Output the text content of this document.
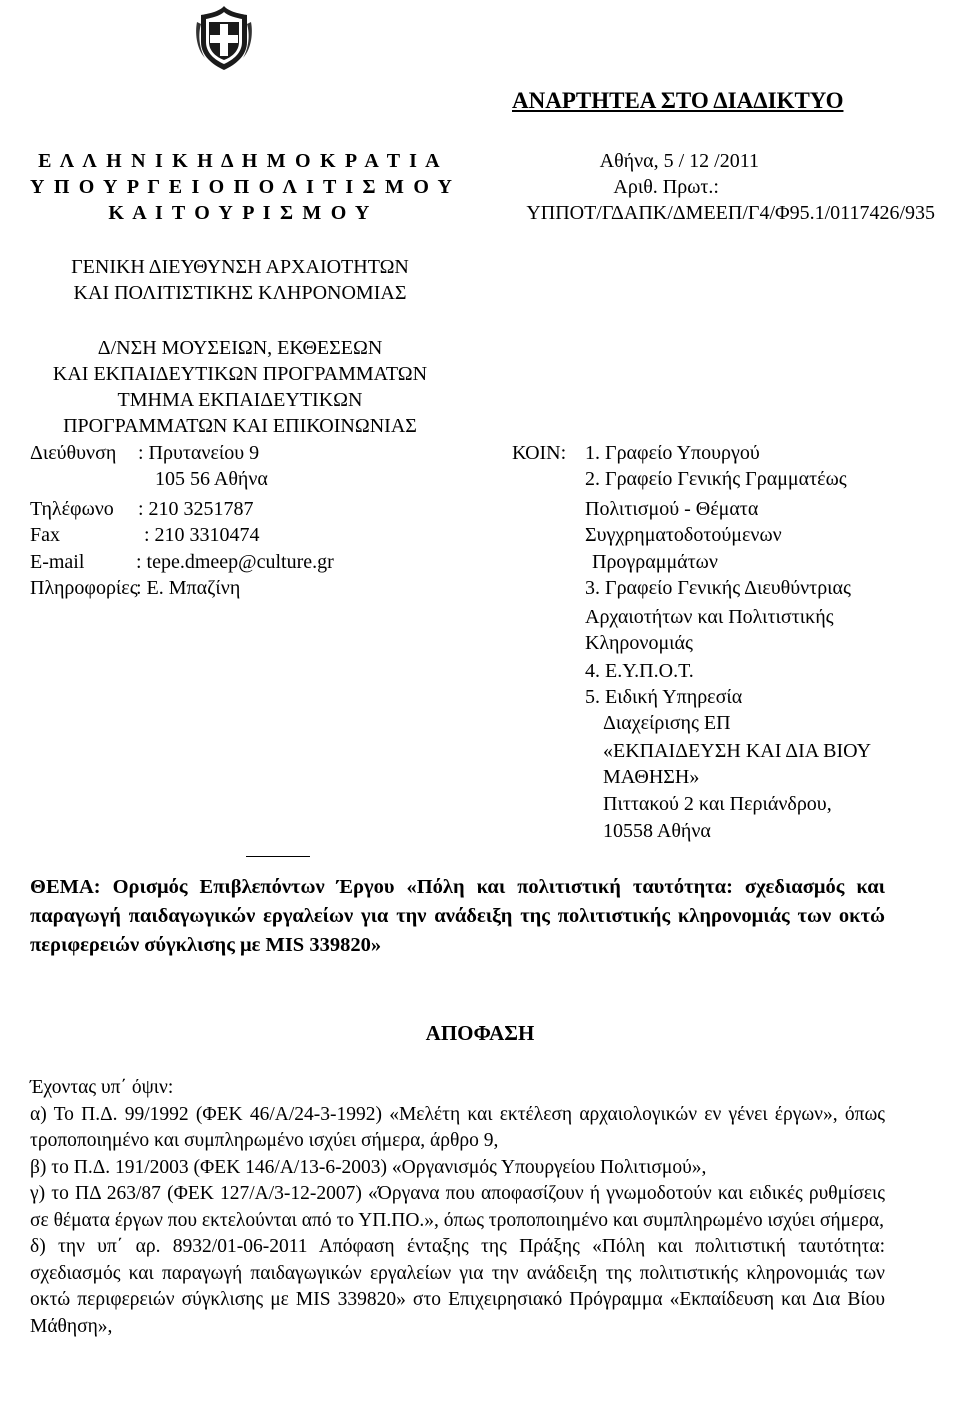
ΑΝΑΡΤΗΤΕΑ ΣΤΟ ΔΙΑΔΙΚΤΥΟ
Ε Λ Λ Η Ν Ι Κ Η Δ Η Μ Ο Κ Ρ Α Τ Ι Α
Υ Π Ο Υ Ρ Γ Ε Ι Ο Π Ο Λ Ι Τ Ι Σ Μ Ο Υ
Κ Α Ι Τ Ο Υ Ρ Ι Σ Μ Ο Υ
Αθήνα, 5 / 12 /2011
Αριθ. Πρωτ.:
ΥΠΠΟΤ/ΓΔΑΠΚ/ΔΜΕΕΠ/Γ4/Φ95.1/0117426/935
ΓΕΝΙΚΗ ΔΙΕΥΘΥΝΣΗ ΑΡΧΑΙΟΤΗΤΩΝ
ΚΑΙ ΠΟΛΙΤΙΣΤΙΚΗΣ ΚΛΗΡΟΝΟΜΙΑΣ
Δ/ΝΣΗ ΜΟΥΣΕΙΩΝ, ΕΚΘΕΣΕΩΝ
ΚΑΙ ΕΚΠΑΙΔΕΥΤΙΚΩΝ ΠΡΟΓΡΑΜΜΑΤΩΝ
ΤΜΗΜΑ ΕΚΠΑΙΔΕΥΤΙΚΩΝ
ΠΡΟΓΡΑΜΜΑΤΩΝ ΚΑΙ ΕΠΙΚΟΙΝΩΝΙΑΣ
Διεύθυνση : Πρυτανείου 9
105 56 Αθήνα
Τηλέφωνο : 210 3251787
Fax	: 210 3310474
E-mail	: tepe.dmeep@culture.gr
Πληροφορίες
: Ε. Μπαζίνη
ΚΟΙΝ: 1. Γραφείο Υπουργού
2. Γραφείο Γενικής Γραμματέως
Πολιτισμού - Θέματα
Συγχρηματοδοτούμενων
Προγραμμάτων
3. Γραφείο Γενικής Διευθύντριας
Αρχαιοτήτων και Πολιτιστικής
Κληρονομιάς
4. Ε.Υ.Π.Ο.Τ.
5. Ειδική Υπηρεσία
Διαχείρισης ΕΠ
«ΕΚΠΑΙΔΕΥΣΗ ΚΑΙ ΔΙΑ ΒΙΟΥ
ΜΑΘΗΣΗ»
Πιττακού 2 και Περιάνδρου,
10558 Αθήνα
ΘΕΜΑ: Ορισμός Επιβλεπόντων Έργου «Πόλη και πολιτιστική ταυτότητα: σχεδιασμός και παραγωγή παιδαγωγικών εργαλείων για την ανάδειξη της πολιτιστικής κληρονομιάς των οκτώ περιφερειών σύγκλισης με MIS 339820»
ΑΠΟΦΑΣΗ

Έχοντας υπ΄ όψιν:

α) Το Π.Δ. 99/1992 (ΦΕΚ 46/Α/24-3-1992) «Μελέτη και εκτέλεση αρχαιολογικών εν γένει έργων», όπως τροποποιημένο και συμπληρωμένο ισχύει σήμερα, άρθρο 9,

β) το Π.Δ. 191/2003 (ΦΕΚ 146/Α/13-6-2003) «Οργανισμός Υπουργείου Πολιτισμού»,

γ) το ΠΔ 263/87 (ΦΕΚ 127/Α/3-12-2007) «Όργανα που αποφασίζουν ή γνωμοδοτούν και ειδικές ρυθμίσεις σε θέματα έργων που εκτελούνται από το ΥΠ.ΠΟ.», όπως τροποποιημένο και συμπληρωμένο ισχύει σήμερα,

δ) την υπ΄ αρ. 8932/01-06-2011 Απόφαση ένταξης της Πράξης «Πόλη και πολιτιστική ταυτότητα: σχεδιασμός και παραγωγή παιδαγωγικών εργαλείων για την ανάδειξη της πολιτιστικής κληρονομιάς των οκτώ περιφερειών σύγκλισης με MIS 339820» στο Επιχειρησιακό Πρόγραμμα «Εκπαίδευση και Δια Βίου Μάθηση»,
